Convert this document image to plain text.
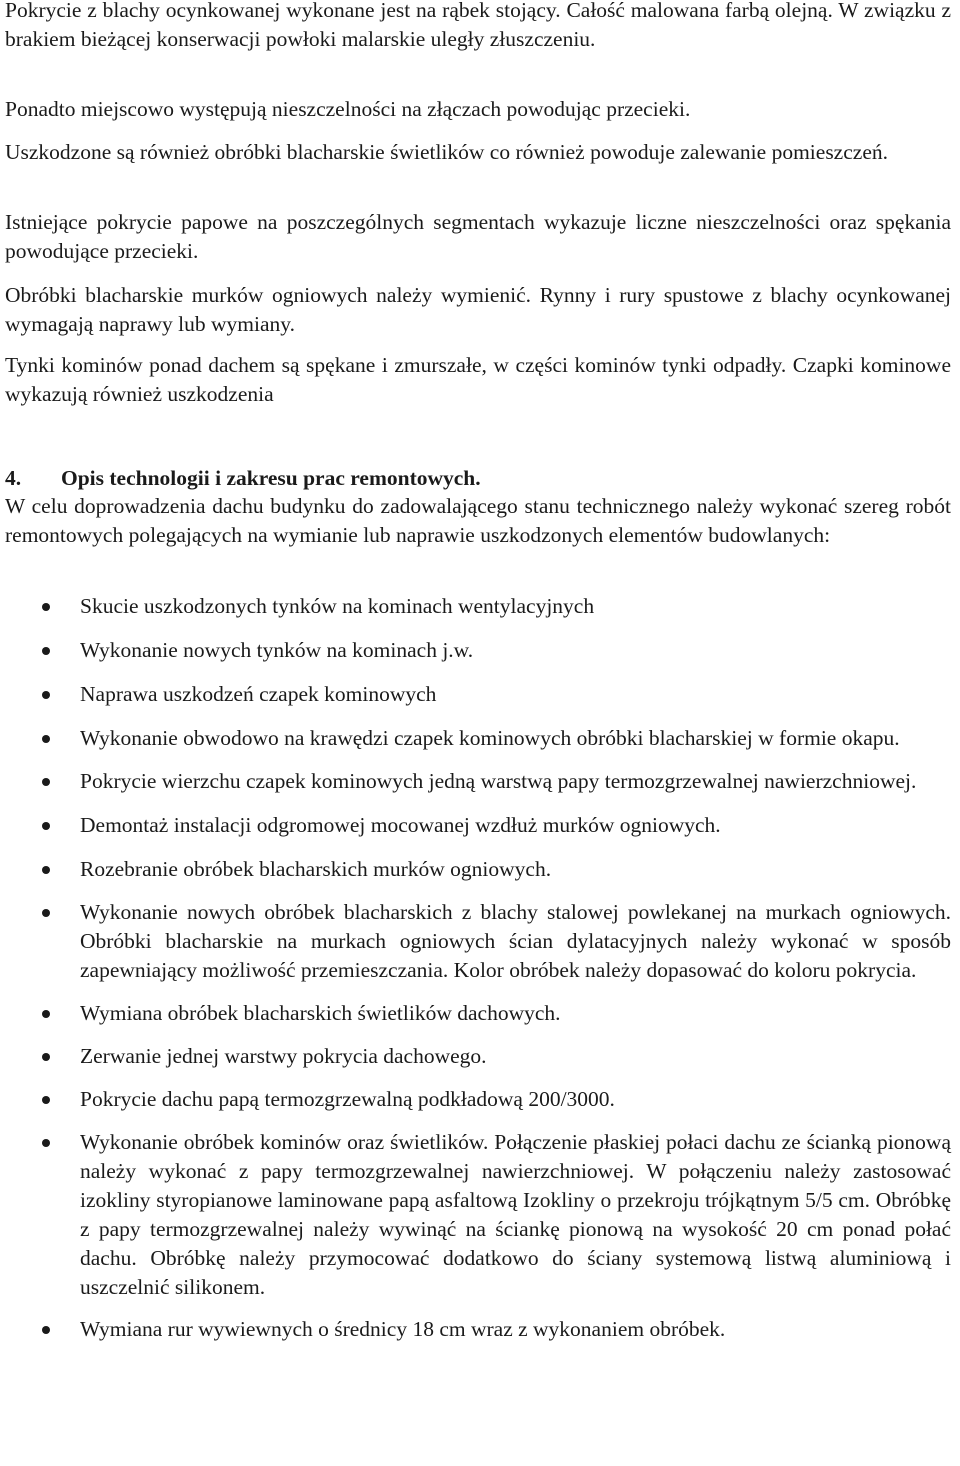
Pokrycie z blachy ocynkowanej wykonane jest na rąbek stojący. Całość malowana farbą olejną. W związku z brakiem bieżącej konserwacji powłoki malarskie uległy złuszczeniu.

Ponadto miejscowo występują nieszczelności na złączach powodując przecieki.

Uszkodzone są również obróbki blacharskie świetlików co również powoduje zalewanie pomieszczeń.

Istniejące pokrycie papowe na poszczególnych segmentach wykazuje liczne nieszczelności oraz spękania powodujące przecieki.

Obróbki blacharskie murków ogniowych należy wymienić. Rynny i rury spustowe z blachy ocynkowanej wymagają naprawy lub wymiany.

Tynki kominów ponad dachem są spękane i zmurszałe, w części kominów tynki odpadły. Czapki kominowe wykazują również uszkodzenia

4.	Opis technologii i zakresu prac remontowych.

W celu doprowadzenia dachu budynku do zadowalającego stanu technicznego należy wykonać szereg robót remontowych polegających na wymianie lub naprawie uszkodzonych elementów budowlanych:

Skucie uszkodzonych tynków na kominach wentylacyjnych
Wykonanie nowych tynków na kominach j.w.
Naprawa uszkodzeń czapek kominowych
Wykonanie obwodowo na krawędzi czapek kominowych obróbki blacharskiej w formie okapu.
Pokrycie wierzchu czapek kominowych jedną warstwą papy termozgrzewalnej nawierzchniowej.
Demontaż instalacji odgromowej mocowanej wzdłuż murków ogniowych.
Rozebranie obróbek blacharskich murków ogniowych.
Wykonanie nowych obróbek blacharskich z blachy stalowej powlekanej na murkach ogniowych. Obróbki blacharskie na murkach ogniowych ścian dylatacyjnych należy wykonać w sposób zapewniający możliwość przemieszczania. Kolor obróbek należy dopasować do koloru pokrycia.
Wymiana obróbek blacharskich świetlików dachowych.
Zerwanie jednej warstwy pokrycia dachowego.
Pokrycie dachu papą termozgrzewalną podkładową 200/3000.
Wykonanie obróbek kominów oraz świetlików. Połączenie płaskiej połaci dachu ze ścianką pionową należy wykonać z papy termozgrzewalnej nawierzchniowej. W połączeniu należy zastosować izokliny styropianowe laminowane papą asfaltową Izokliny o przekroju trójkątnym 5/5 cm. Obróbkę z papy termozgrzewalnej należy wywinąć na ściankę pionową na wysokość 20 cm ponad połać dachu. Obróbkę należy przymocować dodatkowo do ściany systemową listwą aluminiową i uszczelnić silikonem.
Wymiana rur wywiewnych o średnicy 18 cm wraz z wykonaniem obróbek.
